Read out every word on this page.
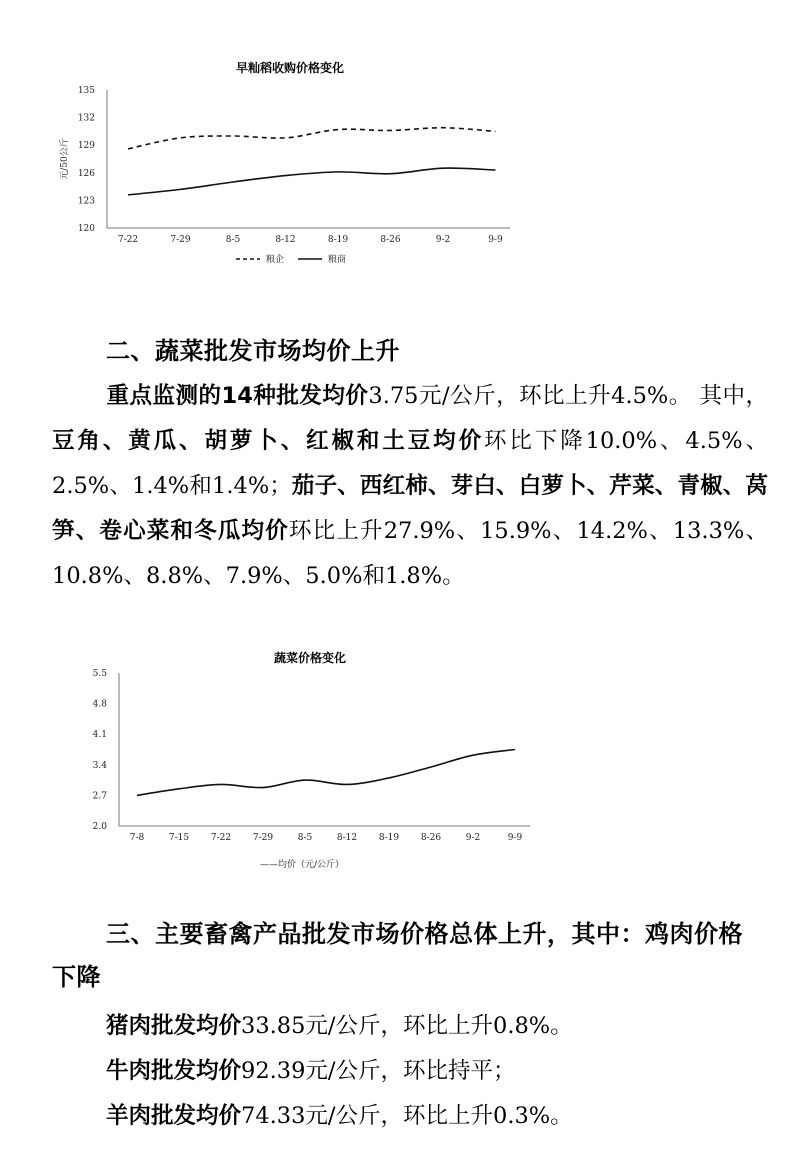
早籼稻收购价格变化
120
123
126
129
132
135
7-22	7-29	8-5	8-12	8-19	8-26	9-2	9-9
元/50公斤
粮企	粮商
二、蔬菜批发市场均价上升
重点监测的14种批发均价3.75元/公斤，环比上升4.5%。 其中，豆角、黄瓜、胡萝卜、红椒和土豆均价环比下降10.0%、4.5%、2.5%、1.4%和1.4%；茄子、西红柿、芽白、白萝卜、芹菜、青椒、莴笋、卷心菜和冬瓜均价环比上升27.9%、15.9%、14.2%、13.3%、10.8%、8.8%、7.9%、5.0%和1.8%。
蔬菜价格变化
2.0
2.7
3.4
4.1
4.8
5.5
7-8	7-15 7-22 7-29	8-5	8-12 8-19 8-26	9-2	9-9
——均价（元/公斤）
三、主要畜禽产品批发市场价格总体上升，其中：鸡肉价格下降
猪肉批发均价33.85元/公斤，环比上升0.8%。
牛肉批发均价92.39元/公斤，环比持平；
羊肉批发均价74.33元/公斤，环比上升0.3%。
